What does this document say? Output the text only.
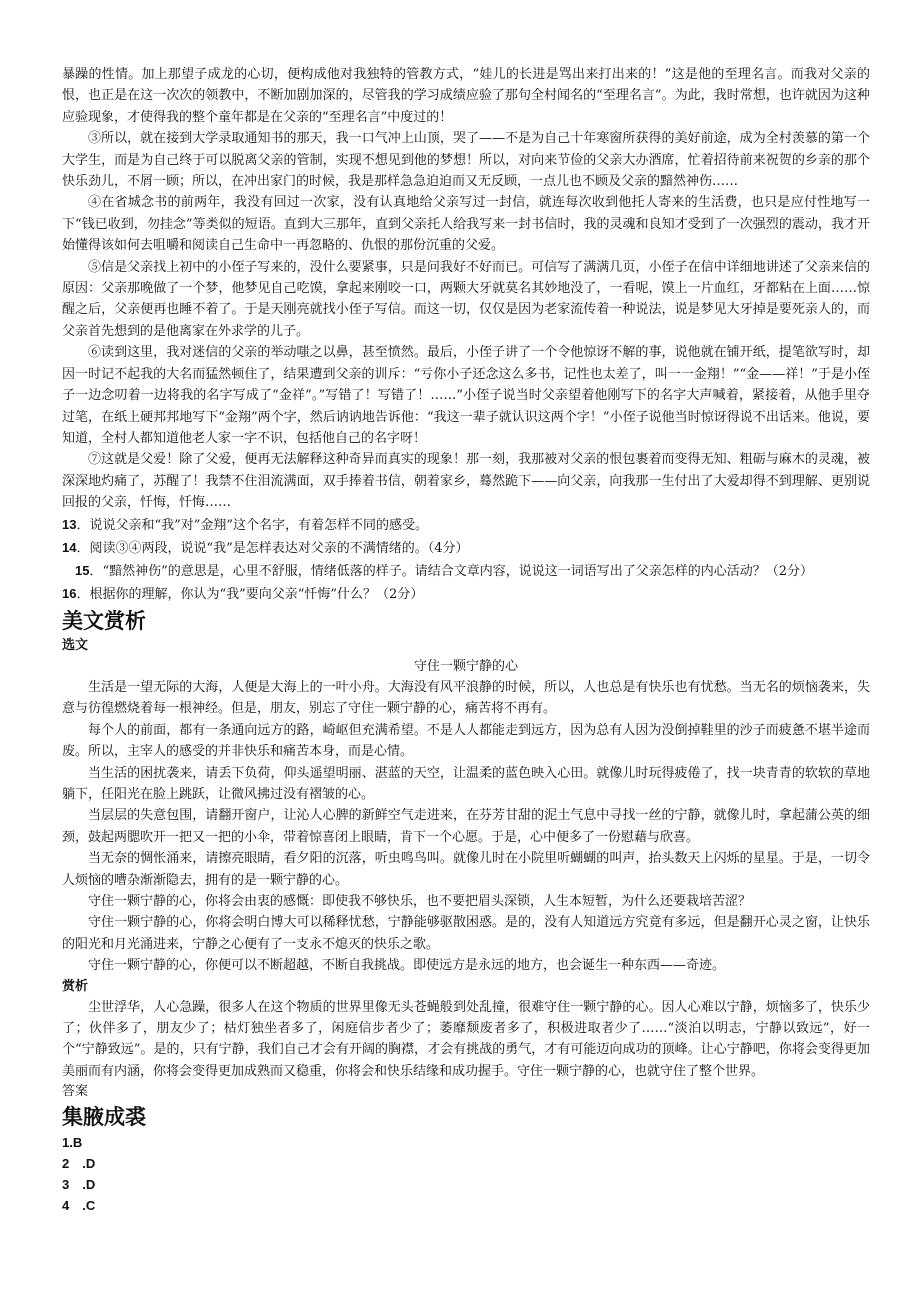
暴躁的性情。加上那望子成龙的心切，便构成他对我独特的管教方式，“娃儿的长进是骂出来打出来的！”这是他的至理名言。而我对父亲的恨，也正是在这一次次的领教中，不断加剧加深的，尽管我的学习成绩应验了那句全村闻名的“至理名言”。为此，我时常想，也许就因为这种应验现象，才使得我的整个童年都是在父亲的“至理名言”中度过的！

③所以，就在接到大学录取通知书的那天，我一口气冲上山顶，哭了——不是为自己十年寒窗所获得的美好前途，成为全村羡慕的第一个大学生，而是为自己终于可以脱离父亲的管制，实现不想见到他的梦想！所以，对向来节俭的父亲大办酒席，忙着招待前来祝贺的乡亲的那个快乐劲儿，不屑一顾；所以，在冲出家门的时候，我是那样急急迫迫而又无反顾，一点儿也不顾及父亲的黯然神伤……

④在省城念书的前两年，我没有回过一次家，没有认真地给父亲写过一封信，就连每次收到他托人寄来的生活费，也只是应付性地写一下“钱已收到，勿挂念”等类似的短语。直到大三那年，直到父亲托人给我写来一封书信时，我的灵魂和良知才受到了一次强烈的震动，我才开始懂得该如何去咀嚼和阅读自己生命中一再忽略的、仇恨的那份沉重的父爱。

⑤信是父亲找上初中的小侄子写来的，没什么要紧事，只是问我好不好而已。可信写了满满几页，小侄子在信中详细地讲述了父亲来信的原因：父亲那晚做了一个梦，他梦见自己吃馍，拿起来刚咬一口，两颗大牙就莫名其妙地没了，一看呢，馍上一片血红，牙都粘在上面……惊醒之后，父亲便再也睡不着了。于是天刚亮就找小侄子写信。而这一切，仅仅是因为老家流传着一种说法，说是梦见大牙掉是要死亲人的，而父亲首先想到的是他离家在外求学的儿子。

⑥读到这里，我对迷信的父亲的举动嗤之以鼻，甚至愤然。最后，小侄子讲了一个令他惊讶不解的事，说他就在铺开纸，提笔欲写时，却因一时记不起我的大名而猛然顿住了，结果遭到父亲的训斥：“亏你小子还念这么多书，记性也太差了，叫一一金翔！”“金——祥！”于是小侄子一边念叨着一边将我的名字写成了“金祥”。”写错了！写错了！……”小侄子说当时父亲望着他刚写下的名字大声喊着，紧接着，从他手里夺过笔，在纸上硬邦邦地写下“金翔”两个字，然后讷讷地告诉他：“我这一辈子就认识这两个字！”小侄子说他当时惊讶得说不出话来。他说，要知道，全村人都知道他老人家一字不识，包括他自己的名字呀！

⑦这就是父爱！除了父爱，便再无法解释这种奇异而真实的现象！那一刻，我那被对父亲的恨包裹着而变得无知、粗砺与麻木的灵魂，被深深地灼痛了，苏醒了！我禁不住泪流满面，双手捧着书信，朝着家乡，蓦然跪下——向父亲，向我那一生付出了大爱却得不到理解、更别说回报的父亲，忏悔，忏悔……

13．说说父亲和“我”对”金翔”这个名字，有着怎样不同的感受。

14．阅读③④两段，说说“我”是怎样表达对父亲的不满情绪的。（4分）

15．“黯然神伤”的意思是，心里不舒服，情绪低落的样子。请结合文章内容，说说这一词语写出了父亲怎样的内心活动？（2分）

16．根据你的理解，你认为“我”要向父亲“忏悔”什么？（2分）

美文赏析

选文

守住一颗宁静的心

生活是一望无际的大海，人便是大海上的一叶小舟。大海没有风平浪静的时候，所以，人也总是有快乐也有忧愁。当无名的烦恼袭来，失意与彷徨燃烧着每一根神经。但是，朋友，别忘了守住一颗宁静的心，痛苦将不再有。

每个人的前面，都有一条通向远方的路，崎岖但充满希望。不是人人都能走到远方，因为总有人因为没倒掉鞋里的沙子而疲惫不堪半途而废。所以，主宰人的感受的并非快乐和痛苦本身，而是心情。

当生活的困扰袭来，请丢下负荷，仰头遥望明丽、湛蓝的天空，让温柔的蓝色映入心田。就像儿时玩得疲倦了，找一块青青的软软的草地躺下，任阳光在脸上跳跃，让微风拂过没有褶皱的心。

当层层的失意包围，请翻开窗户，让沁人心脾的新鲜空气走进来，在芬芳甘甜的泥土气息中寻找一丝的宁静，就像儿时，拿起蒲公英的细颈，鼓起两腮吹开一把又一把的小伞，带着惊喜闭上眼睛，肯下一个心愿。于是，心中便多了一份慰藉与欣喜。

当无奈的惆怅涌来，请擦亮眼睛，看夕阳的沉落，听虫鸣鸟叫。就像儿时在小院里听蝴蝴的叫声，抬头数天上闪烁的星星。于是，一切令人烦恼的嘈杂渐渐隐去，拥有的是一颗宁静的心。

守住一颗宁静的心，你将会由衷的感慨：即使我不够快乐，也不要把眉头深锁，人生本短暂，为什么还要栽培苦涩？

守住一颗宁静的心，你将会明白博大可以稀释忧愁，宁静能够驱散困惑。是的，没有人知道远方究竟有多远，但是翻开心灵之窗，让快乐的阳光和月光涌进来，宁静之心便有了一支永不熄灭的快乐之歌。

守住一颗宁静的心，你便可以不断超越，不断自我挑战。即使远方是永远的地方，也会诞生一种东西——奇迹。

赏析

尘世浮华，人心急躁，很多人在这个物质的世界里像无头苍蝇般到处乱撞，很难守住一颗宁静的心。因人心难以宁静，烦恼多了，快乐少了；伙伴多了，朋友少了；枯灯独坐者多了，闲庭信步者少了；萎靡颓废者多了，积极进取者少了……“淡泊以明志，宁静以致远”，好一个“宁静致远”。是的，只有宁静，我们自己才会有开阔的胸襟，才会有挑战的勇气，才有可能迈向成功的顶峰。让心宁静吧，你将会变得更加美丽而有内涵，你将会变得更加成熟而又稳重，你将会和快乐结缘和成功握手。守住一颗宁静的心，也就守住了整个世界。

答案

集腋成裘

1.B

2　.D

3　.D

4　.C
